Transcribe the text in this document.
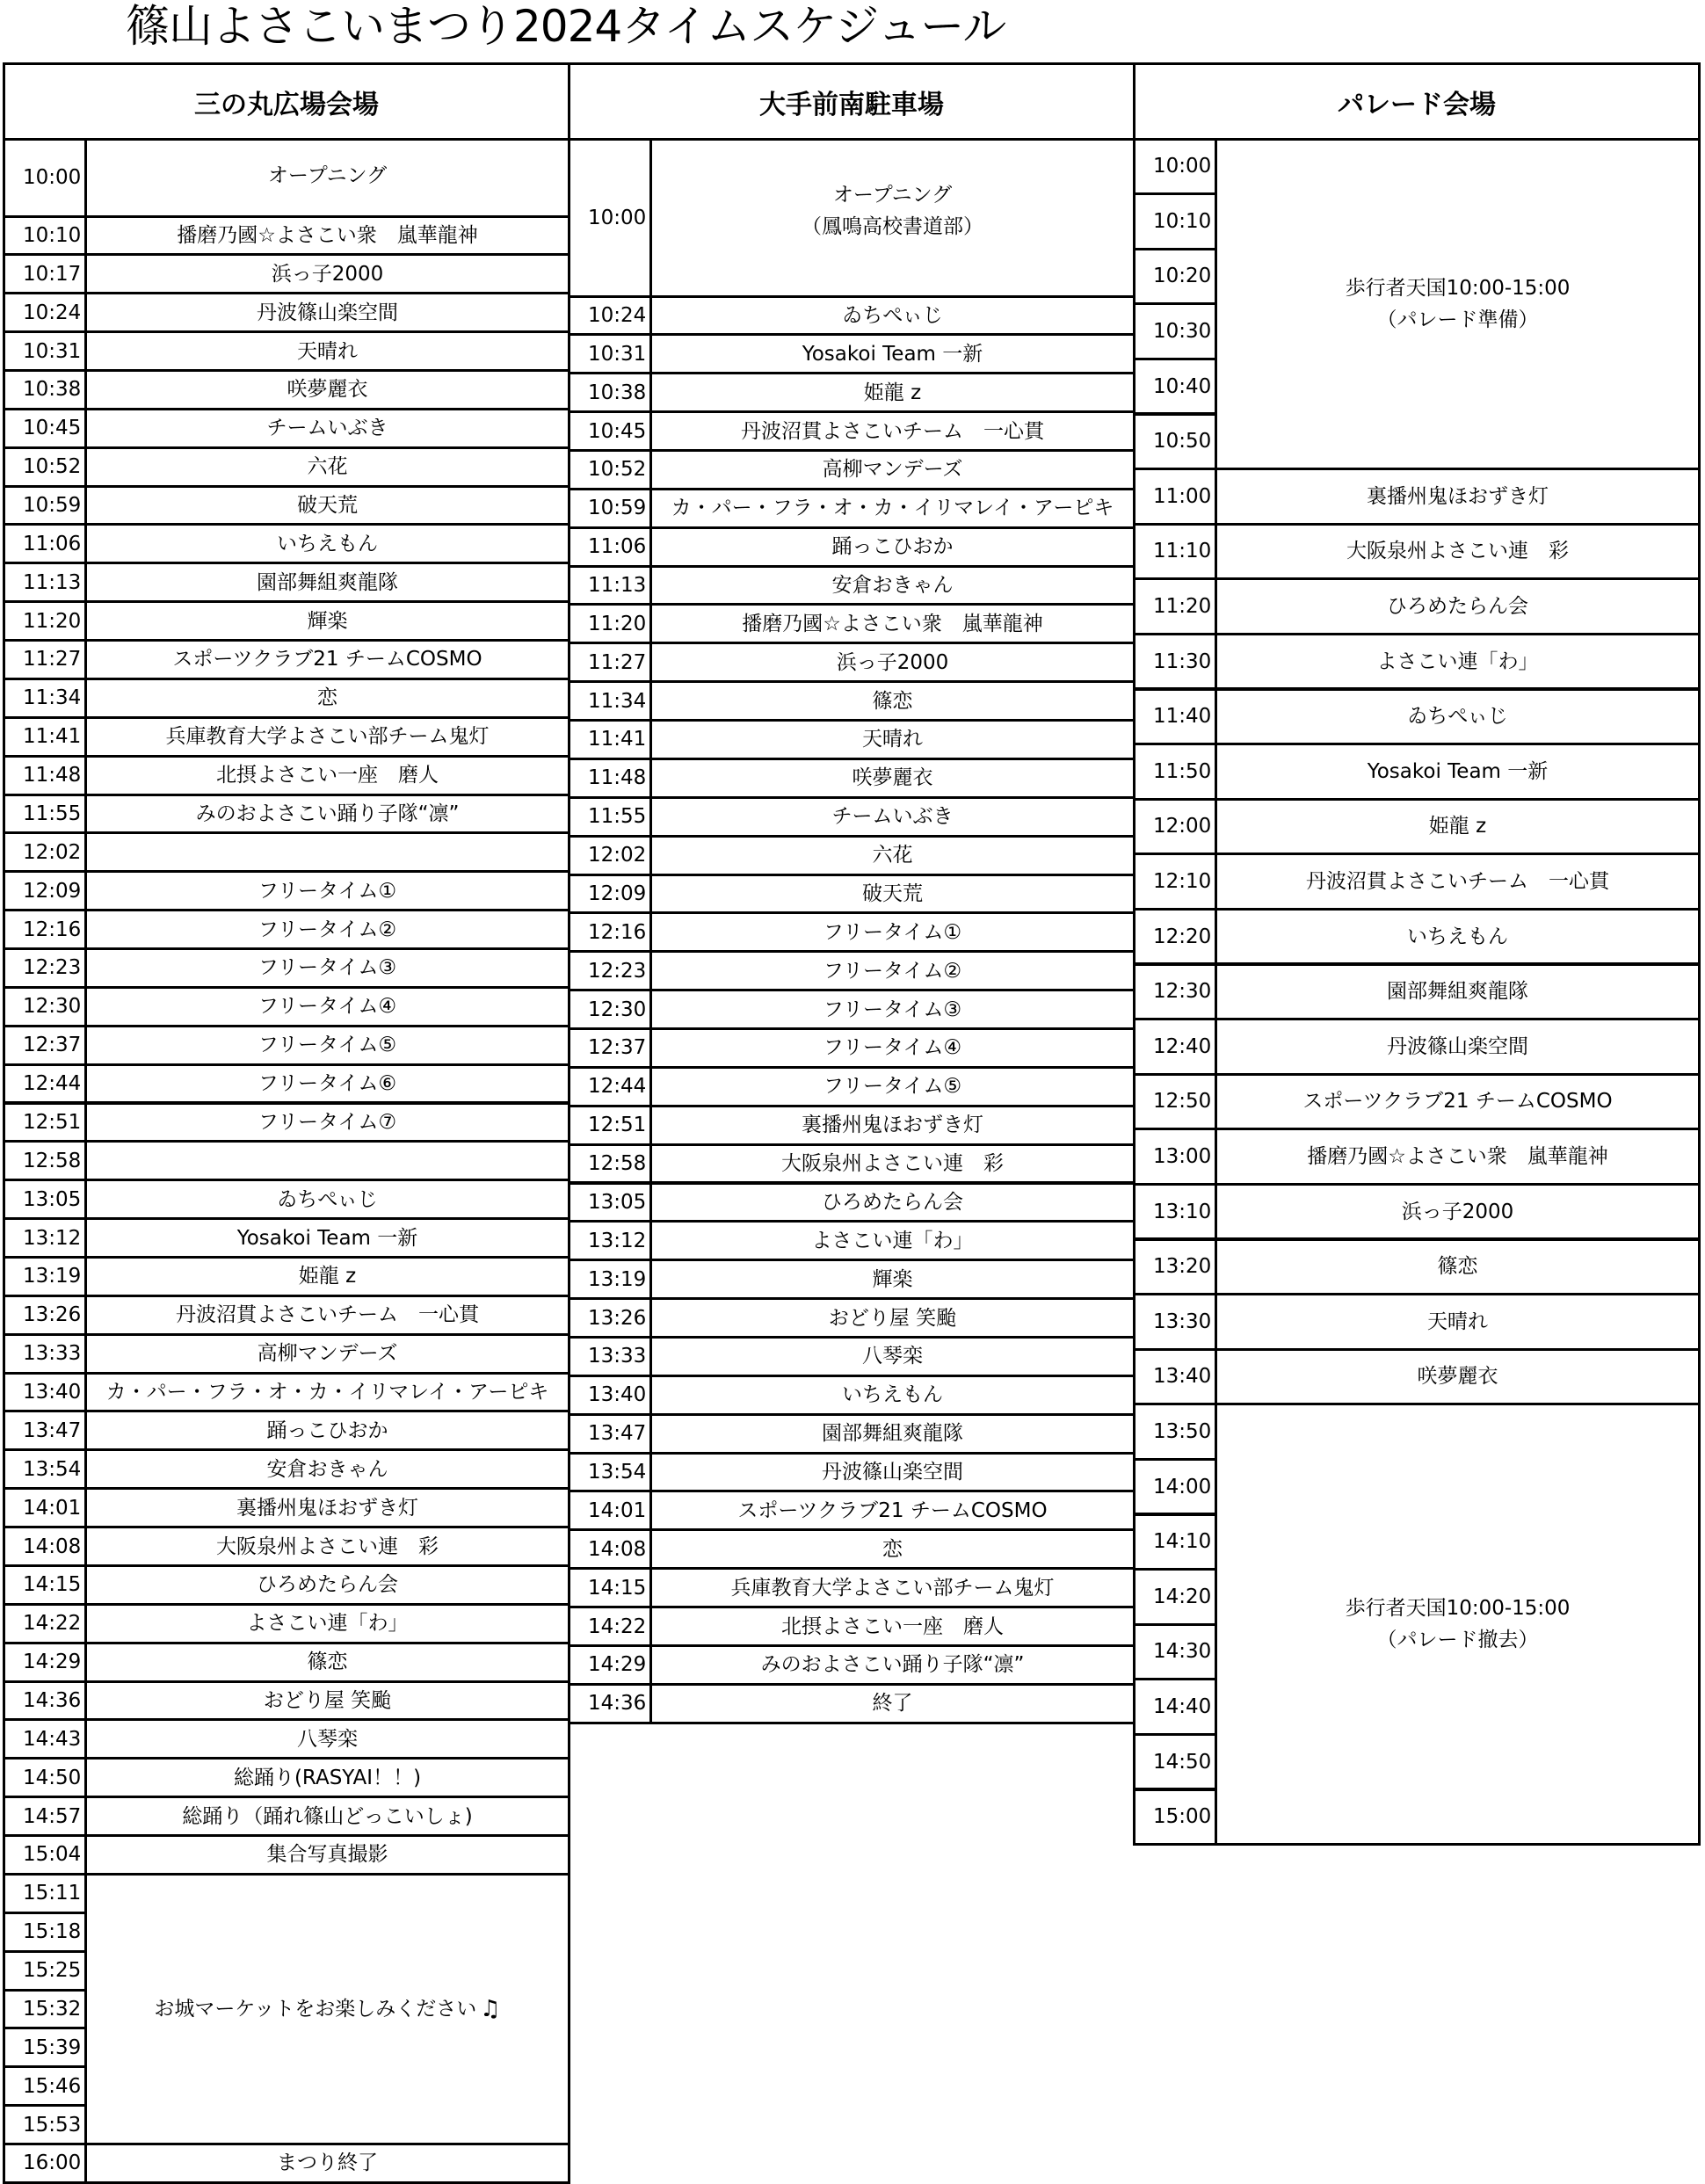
篠山よさこいまつり2024タイムスケジュール
三の丸広場会場
10:00	オープニング
10:10	播磨乃國☆よさこい衆　嵐華龍神
10:17	浜っ子2000
10:24	丹波篠山楽空間
10:31	天晴れ
10:38	咲夢麗衣
10:45	チームいぶき
10:52	六花
10:59	破天荒
11:06	いちえもん
11:13	園部舞組爽龍隊
11:20	輝楽
11:27	スポーツクラブ21 チームCOSMO
11:34	恋
11:41	兵庫教育大学よさこい部チーム鬼灯
11:48	北摂よさこい一座　磨人
11:55	みのおよさこい踊り子隊“凛”
12:02
12:09	フリータイム①
12:16	フリータイム②
12:23	フリータイム③
12:30	フリータイム④
12:37	フリータイム⑤
12:44	フリータイム⑥
12:51	フリータイム⑦
12:58
13:05	ゐちぺぃじ
13:12	Yosakoi Team 一新
13:19	姫龍 z
13:26	丹波沼貫よさこいチーム　一心貫
13:33	高柳マンデーズ
13:40 カ・パー・フラ・オ・カ・イリマレイ・アーピキ
13:47	踊っこひおか
13:54	安倉おきゃん
14:01	裏播州鬼ほおずき灯
14:08	大阪泉州よさこい連　彩
14:15	ひろめたらん会
14:22	よさこい連「わ」
14:29	篠恋
14:36	おどり屋 笑颱
14:43	八琴栾
14:50	総踊り(RASYAI！！)
14:57	総踊り（踊れ篠山どっこいしょ)
15:04	集合写真撮影
15:11
15:18
15:25
15:32
15:39
15:46
15:53
お城マーケットをお楽しみください ♫
16:00	まつり終了
大手前南駐車場
10:00
オープニング
（鳳鳴高校書道部）
10:24	ゐちぺぃじ
10:31	Yosakoi Team 一新
10:38	姫龍 z
10:45	丹波沼貫よさこいチーム　一心貫
10:52	高柳マンデーズ
10:59 カ・パー・フラ・オ・カ・イリマレイ・アーピキ
11:06	踊っこひおか
11:13	安倉おきゃん
11:20	播磨乃國☆よさこい衆　嵐華龍神
11:27	浜っ子2000
11:34	篠恋
11:41	天晴れ
11:48	咲夢麗衣
11:55	チームいぶき
12:02	六花
12:09	破天荒
12:16	フリータイム①
12:23	フリータイム②
12:30	フリータイム③
12:37	フリータイム④
12:44	フリータイム⑤
12:51	裏播州鬼ほおずき灯
12:58	大阪泉州よさこい連　彩
13:05	ひろめたらん会
13:12	よさこい連「わ」
13:19	輝楽
13:26	おどり屋 笑颱
13:33	八琴栾
13:40	いちえもん
13:47	園部舞組爽龍隊
13:54	丹波篠山楽空間
14:01	スポーツクラブ21 チームCOSMO
14:08	恋
14:15	兵庫教育大学よさこい部チーム鬼灯
14:22	北摂よさこい一座　磨人
14:29	みのおよさこい踊り子隊“凛”
14:36	終了
パレード会場
10:00
10:10
10:20
10:30
10:40
10:50
歩行者天国10:00-15:00
（パレード準備）
11:00	裏播州鬼ほおずき灯
11:10	大阪泉州よさこい連　彩
11:20	ひろめたらん会
11:30	よさこい連「わ」
11:40	ゐちぺぃじ
11:50	Yosakoi Team 一新
12:00	姫龍 z
12:10	丹波沼貫よさこいチーム　一心貫
12:20	いちえもん
12:30	園部舞組爽龍隊
12:40	丹波篠山楽空間
12:50	スポーツクラブ21 チームCOSMO
13:00	播磨乃國☆よさこい衆　嵐華龍神
13:10	浜っ子2000
13:20	篠恋
13:30	天晴れ
13:40	咲夢麗衣
13:50
14:00
14:10
14:20
14:30
14:40
14:50
15:00
歩行者天国10:00-15:00
（パレード撤去）
